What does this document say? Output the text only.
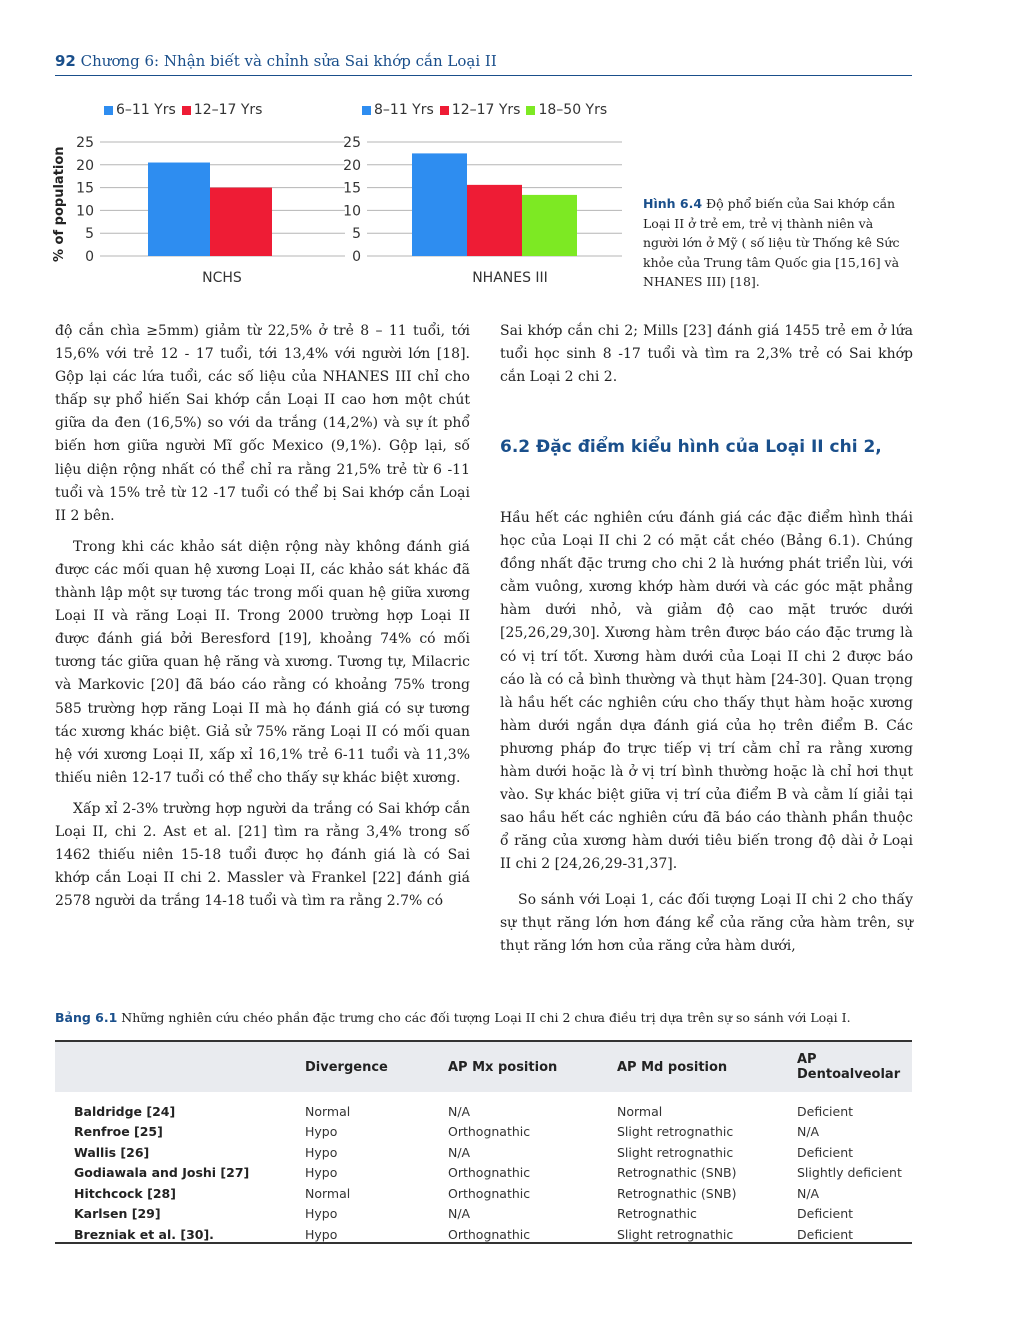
92 Chương 6: Nhận biết và chỉnh sửa Sai khớp cắn Loại II
6–11 Yrs	12–17 Yrs
% of population 0
5
10
15
20
25
NCHS
8–11 Yrs	12–17 Yrs	18–50 Yrs
0
5
10
15
20
25
NHANES III
Hình 6.4 Độ phổ biến của Sai khớp cắn Loại II ở trẻ em, trẻ vị thành niên và người lớn ở Mỹ ( số liệu từ Thống kê Sức khỏe của Trung tâm Quốc gia [15,16] và NHANES III) [18].

độ cắn chìa ≥5mm) giảm từ 22,5% ở trẻ 8 – 11 tuổi, tới 15,6% với trẻ 12 - 17 tuổi, tới 13,4% với người lớn [18]. Gộp lại các lứa tuổi, các số liệu của NHANES III chỉ cho thấp sự phổ hiến Sai khớp cắn Loại II cao hơn một chút giữa da đen (16,5%) so với da trắng (14,2%) và sự ít phổ biến hơn giữa người Mĩ gốc Mexico (9,1%). Gộp lại, số liệu diện rộng nhất có thể chỉ ra rằng 21,5% trẻ từ 6 -11 tuổi và 15% trẻ từ 12 -17 tuổi có thể bị Sai khớp cắn Loại II 2 bên.

Trong khi các khảo sát diện rộng này không đánh giá được các mối quan hệ xương Loại II, các khảo sát khác đã thành lập một sự tương tác trong mối quan hệ giữa xương Loại II và răng Loại II. Trong 2000 trường hợp Loại II được đánh giá bởi Beresford [19], khoảng 74% có mối tương tác giữa quan hệ răng và xương. Tương tự, Milacric và Markovic [20] đã báo cáo rằng có khoảng 75% trong 585 trường hợp răng Loại II mà họ đánh giá có sự tương tác xương khác biệt. Giả sử 75% răng Loại II có mối quan hệ với xương Loại II, xấp xỉ 16,1% trẻ 6-11 tuổi và 11,3% thiếu niên 12-17 tuổi có thể cho thấy sự khác biệt xương.

Xấp xỉ 2-3% trường hợp người da trắng có Sai khớp cắn Loại II, chi 2. Ast et al. [21] tìm ra rằng 3,4% trong số 1462 thiếu niên 15-18 tuổi được họ đánh giá là có Sai khớp cắn Loại II chi 2. Massler và Frankel [22] đánh giá 2578 người da trắng 14-18 tuổi và tìm ra rằng 2.7% có

Sai khớp cắn chi 2; Mills [23] đánh giá 1455 trẻ em ở lứa tuổi học sinh 8 -17 tuổi và tìm ra 2,3% trẻ có Sai khớp cắn Loại 2 chi 2.

6.2 Đặc điểm kiểu hình của Loại II chi 2,

Hầu hết các nghiên cứu đánh giá các đặc điểm hình thái học của Loại II chi 2 có mặt cắt chéo (Bảng 6.1). Chúng đồng nhất đặc trưng cho chi 2 là hướng phát triển lùi, với cằm vuông, xương khớp hàm dưới và các góc mặt phẳng hàm dưới nhỏ, và giảm độ cao mặt trước dưới [25,26,29,30]. Xương hàm trên được báo cáo đặc trưng là có vị trí tốt. Xương hàm dưới của Loại II chi 2 được báo cáo là có cả bình thường và thụt hàm [24-30]. Quan trọng là hầu hết các nghiên cứu cho thấy thụt hàm hoặc xương hàm dưới ngắn dựa đánh giá của họ trên điểm B. Các phương pháp đo trực tiếp vị trí cằm chỉ ra rằng xương hàm dưới hoặc là ở vị trí bình thường hoặc là chỉ hơi thụt vào. Sự khác biệt giữa vị trí của điểm B và cằm lí giải tại sao hầu hết các nghiên cứu đã báo cáo thành phần thuộc ổ răng của xương hàm dưới tiêu biến trong độ dài ở Loại II chi 2 [24,26,29-31,37].

So sánh với Loại 1, các đối tượng Loại II chi 2 cho thấy sự thụt răng lớn hơn đáng kể của răng cửa hàm trên, sự thụt răng lớn hơn của răng cửa hàm dưới,

Bảng 6.1 Những nghiên cứu chéo phần đặc trưng cho các đối tượng Loại II chi 2 chưa điều trị dựa trên sự so sánh với Loại I.
	Divergence	AP Mx position	AP Md position	AP Dentoalveolar
Baldridge [24]	Normal	N/A	Normal	Deficient
Renfroe [25]	Hypo	Orthognathic	Slight retrognathic	N/A
Wallis [26]	Hypo	N/A	Slight retrognathic	Deficient
Godiawala and Joshi [27]	Hypo	Orthognathic	Retrognathic (SNB)	Slightly deficient
Hitchcock [28]	Normal	Orthognathic	Retrognathic (SNB)	N/A
Karlsen [29]	Hypo	N/A	Retrognathic	Deficient
Brezniak et al. [30].	Hypo	Orthognathic	Slight retrognathic	Deficient
